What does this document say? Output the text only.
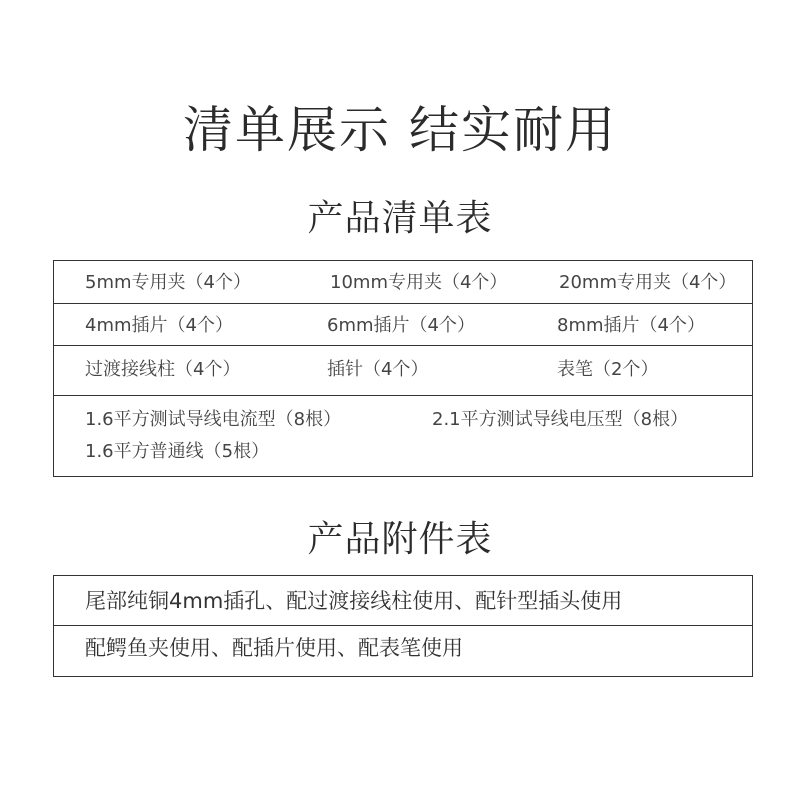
清单展示 结实耐用
产品清单表
5mm专用夹（4个）	10mm专用夹（4个）	20mm专用夹（4个）
4mm插片（4个）	6mm插片（4个）	8mm插片（4个）
过渡接线柱（4个）	插针（4个）	表笔（2个）
1.6平方测试导线电流型（8根）	2.1平方测试导线电压型（8根）
1.6平方普通线（5根）
产品附件表
尾部纯铜4mm插孔、配过渡接线柱使用、配针型插头使用
配鳄鱼夹使用、配插片使用、配表笔使用
